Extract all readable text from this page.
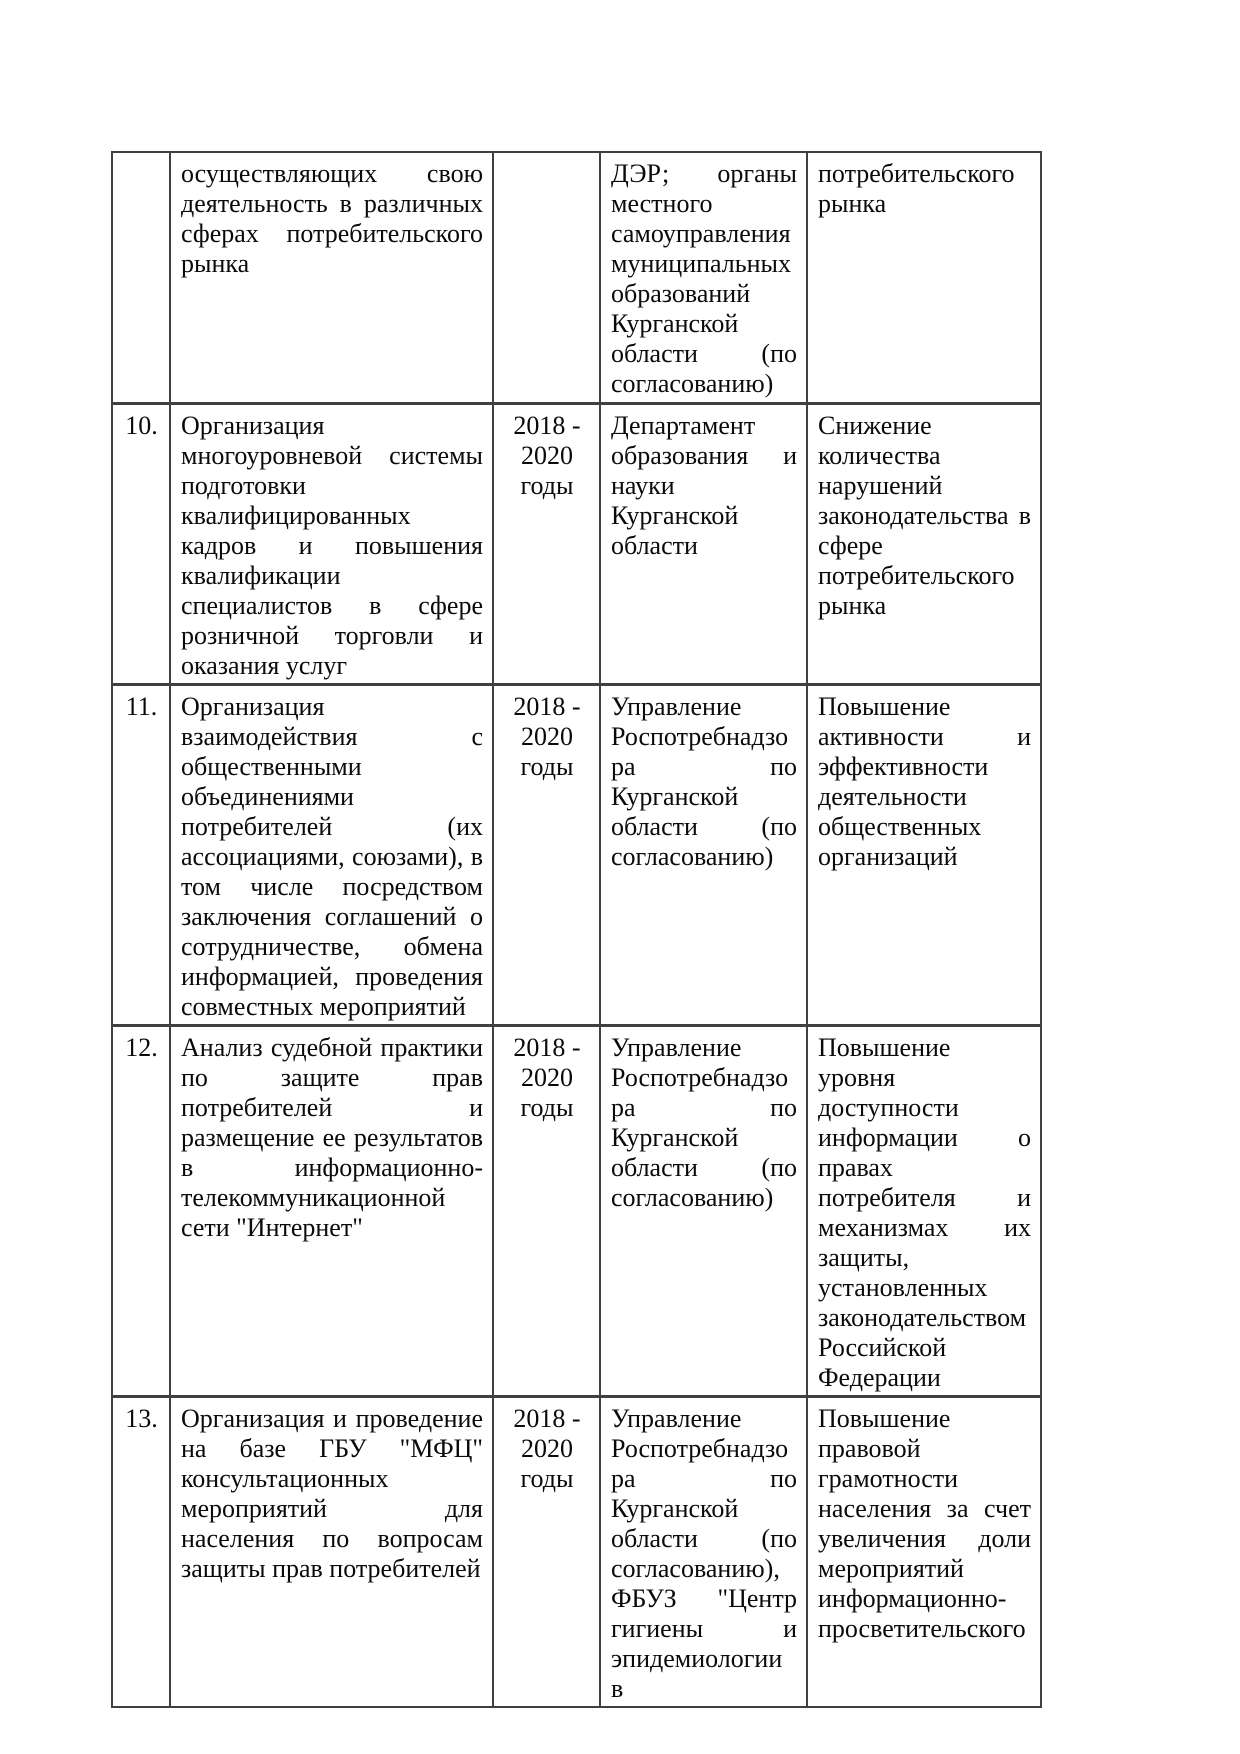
	осуществляющих свою деятельность в различных сферах потребительского рынка		ДЭР; органы местного самоуправления муниципальных образований Курганской области (по согласованию)	потребительского рынка
10.	Организация многоуровневой системы подготовки квалифицированных кадров и повышения квалификации специалистов в сфере розничной торговли и оказания услуг	2018 - 2020 годы	Департамент образования и науки Курганской области	Снижение количества нарушений законодательства в сфере потребительского рынка
11.	Организация взаимодействия с общественными объединениями потребителей (их ассоциациями, союзами), в том числе посредством заключения соглашений о сотрудничестве, обмена информацией, проведения совместных мероприятий	2018 - 2020 годы	Управление Роспотребнадзора по Курганской области (по согласованию)	Повышение активности и эффективности деятельности общественных организаций
12.	Анализ судебной практики по защите прав потребителей и размещение ее результатов в информационно-телекоммуникационной сети "Интернет"	2018 - 2020 годы	Управление Роспотребнадзора по Курганской области (по согласованию)	Повышение уровня доступности информации о правах потребителя и механизмах их защиты, установленных законодательством Российской Федерации
13.	Организация и проведение на базе ГБУ "МФЦ" консультационных мероприятий для населения по вопросам защиты прав потребителей	2018 - 2020 годы	Управление Роспотребнадзора по Курганской области (по согласованию), ФБУЗ "Центр гигиены и эпидемиологии в	Повышение правовой грамотности населения за счет увеличения доли мероприятий информационно-просветительского
